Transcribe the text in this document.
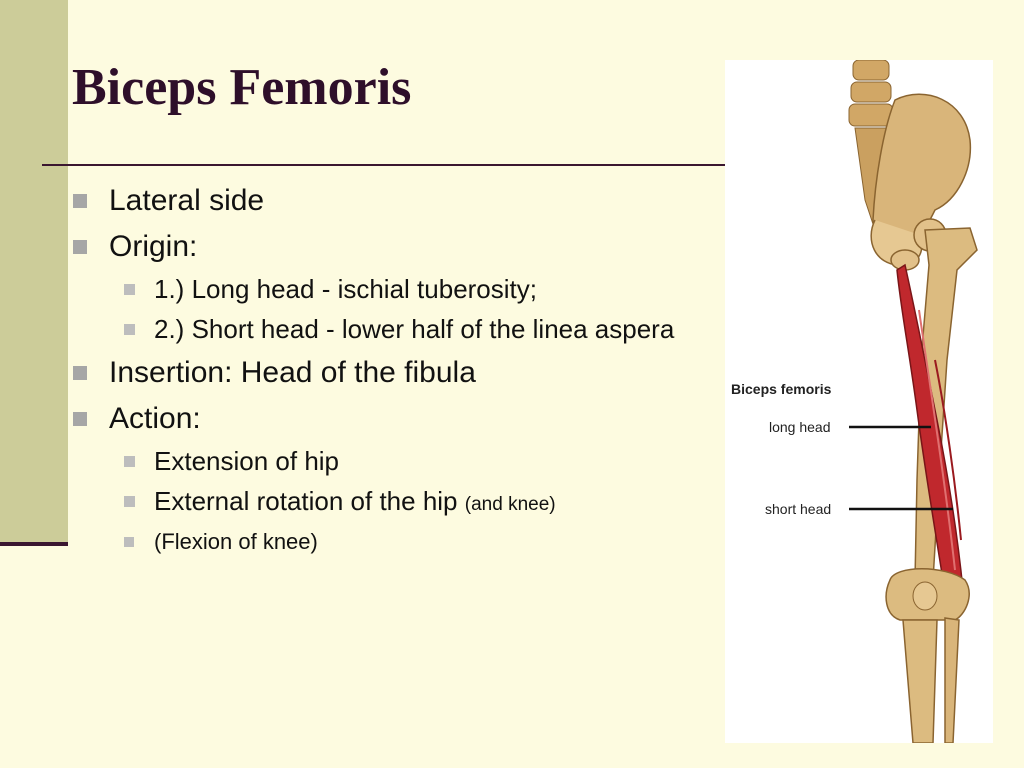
Biceps Femoris
Lateral side
Origin:
1.) Long head - ischial tuberosity;
2.) Short head - lower half of the linea aspera
Insertion: Head of the fibula
Action:
Extension of hip
External rotation of the hip (and knee)
(Flexion of knee)
Biceps femoris
long head
short head
